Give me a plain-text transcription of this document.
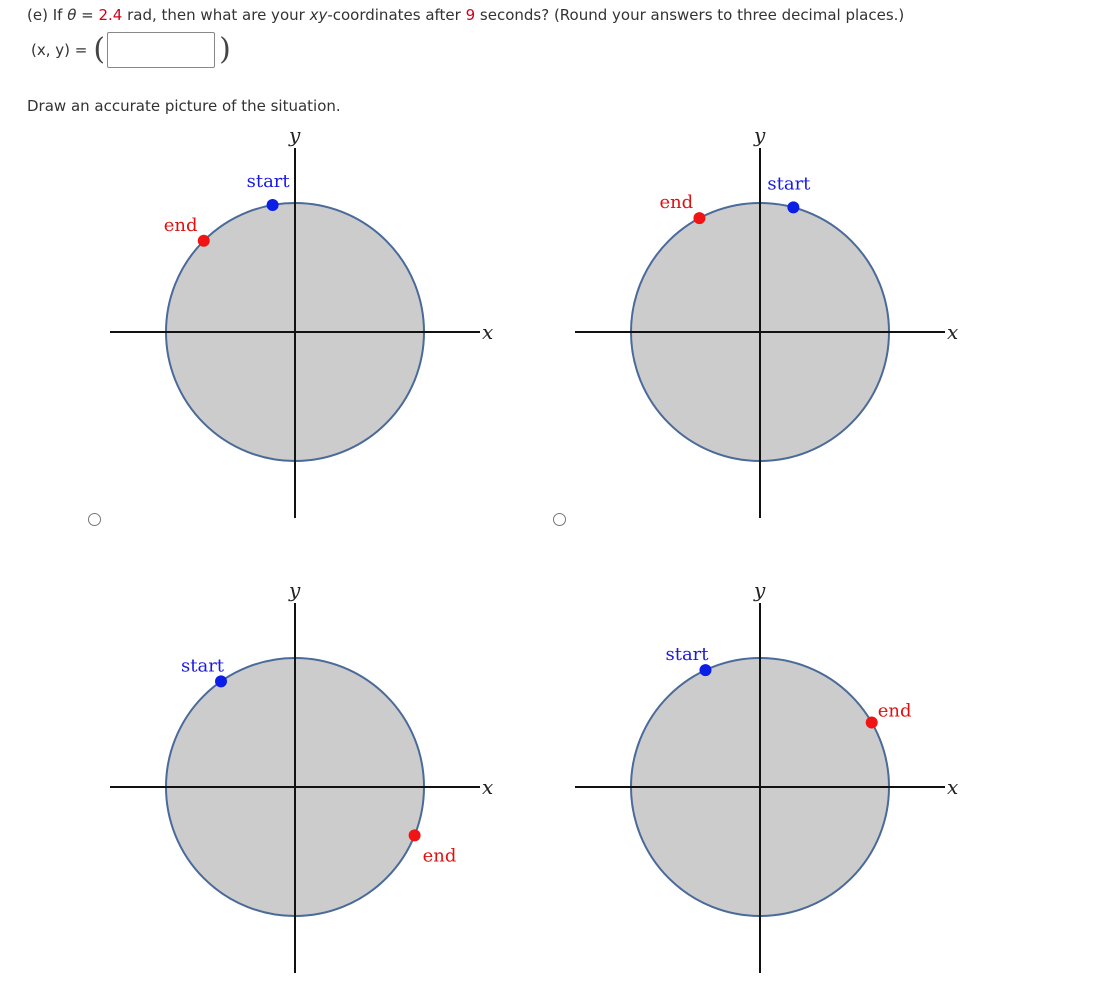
(e) If θ = 2.4 rad, then what are your xy-coordinates after 9 seconds? (Round your answers to three decimal places.)
(x, y) = (	)
Draw an accurate picture of the situation.
x
y
start
end
x
y
start
end
x
y
start
end
x
y
start
end
